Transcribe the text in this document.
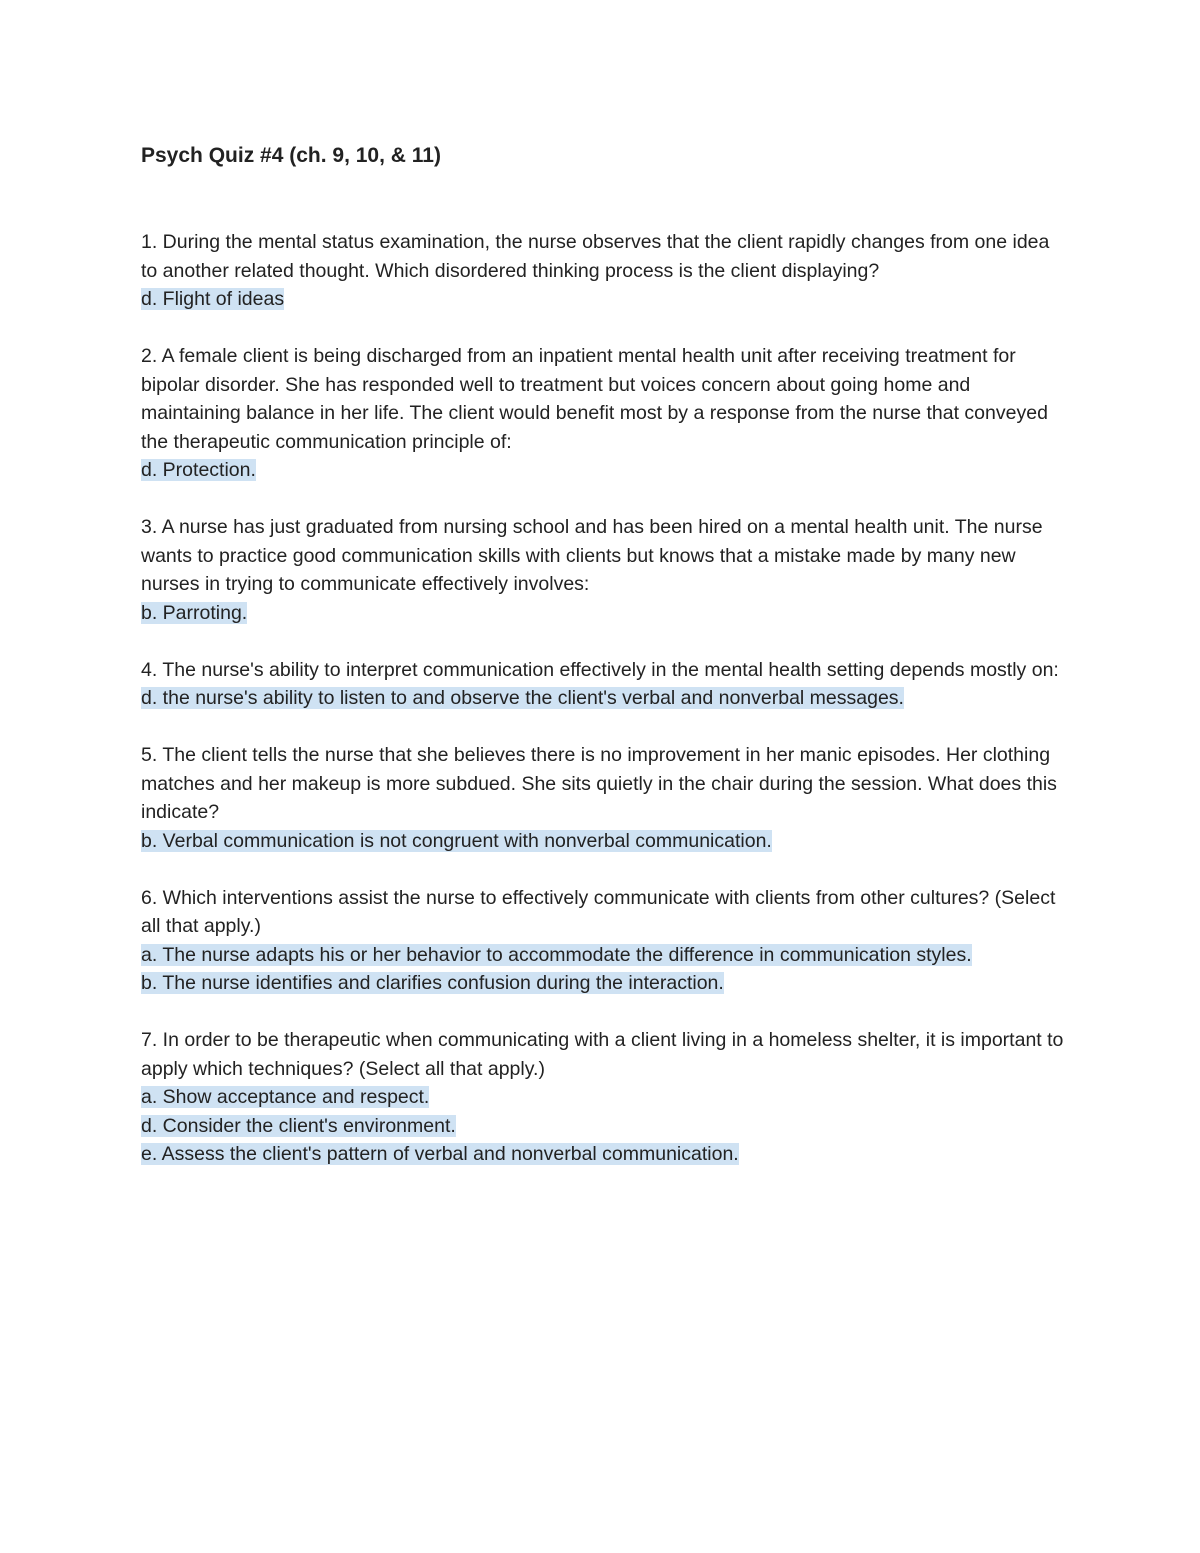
Psych Quiz #4 (ch. 9, 10, & 11)
1. During the mental status examination, the nurse observes that the client rapidly changes from one idea to another related thought. Which disordered thinking process is the client displaying?
d. Flight of ideas
2. A female client is being discharged from an inpatient mental health unit after receiving treatment for bipolar disorder. She has responded well to treatment but voices concern about going home and maintaining balance in her life. The client would benefit most by a response from the nurse that conveyed the therapeutic communication principle of:
d. Protection.
3. A nurse has just graduated from nursing school and has been hired on a mental health unit. The nurse wants to practice good communication skills with clients but knows that a mistake made by many new nurses in trying to communicate effectively involves:
b. Parroting.
4. The nurse's ability to interpret communication effectively in the mental health setting depends mostly on:
d. the nurse's ability to listen to and observe the client's verbal and nonverbal messages.
5. The client tells the nurse that she believes there is no improvement in her manic episodes. Her clothing matches and her makeup is more subdued. She sits quietly in the chair during the session. What does this indicate?
b. Verbal communication is not congruent with nonverbal communication.
6. Which interventions assist the nurse to effectively communicate with clients from other cultures? (Select all that apply.)
a. The nurse adapts his or her behavior to accommodate the difference in communication styles.
b. The nurse identifies and clarifies confusion during the interaction.
7. In order to be therapeutic when communicating with a client living in a homeless shelter, it is important to apply which techniques? (Select all that apply.)
a. Show acceptance and respect.
d. Consider the client's environment.
e. Assess the client's pattern of verbal and nonverbal communication.
